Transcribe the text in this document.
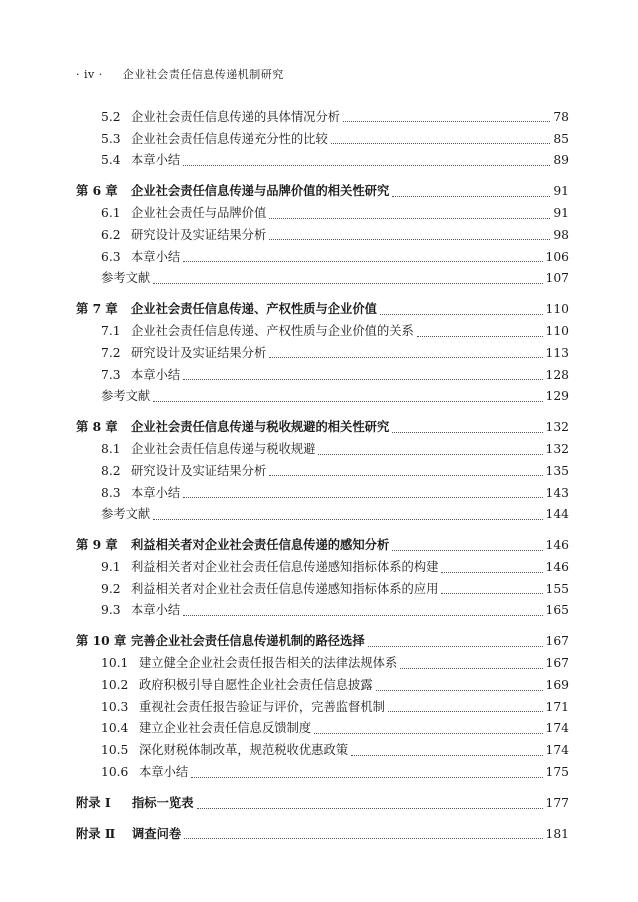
· iv · 企业社会责任信息传递机制研究
5.2 企业社会责任信息传递的具体情况分析	78
5.3 企业社会责任信息传递充分性的比较	85
5.4 本章小结	89
第 6 章	企业社会责任信息传递与品牌价值的相关性研究	91
6.1 企业社会责任与品牌价值	91
6.2 研究设计及实证结果分析	98
6.3 本章小结	106
参考文献	107
第 7 章	企业社会责任信息传递、产权性质与企业价值	110
7.1 企业社会责任信息传递、产权性质与企业价值的关系	110
7.2 研究设计及实证结果分析	113
7.3 本章小结	128
参考文献	129
第 8 章	企业社会责任信息传递与税收规避的相关性研究	132
8.1 企业社会责任信息传递与税收规避	132
8.2 研究设计及实证结果分析	135
8.3 本章小结	143
参考文献	144
第 9 章	利益相关者对企业社会责任信息传递的感知分析	146
9.1 利益相关者对企业社会责任信息传递感知指标体系的构建	146
9.2 利益相关者对企业社会责任信息传递感知指标体系的应用	155
9.3 本章小结	165
第 10 章 完善企业社会责任信息传递机制的路径选择	167
10.1 建立健全企业社会责任报告相关的法律法规体系	167
10.2 政府积极引导自愿性企业社会责任信息披露	169
10.3 重视社会责任报告验证与评价，完善监督机制	171
10.4 建立企业社会责任信息反馈制度	174
10.5 深化财税体制改革，规范税收优惠政策	174
10.6 本章小结	175
附录 Ⅰ	指标一览表	177
附录 Ⅱ	调查问卷	181
